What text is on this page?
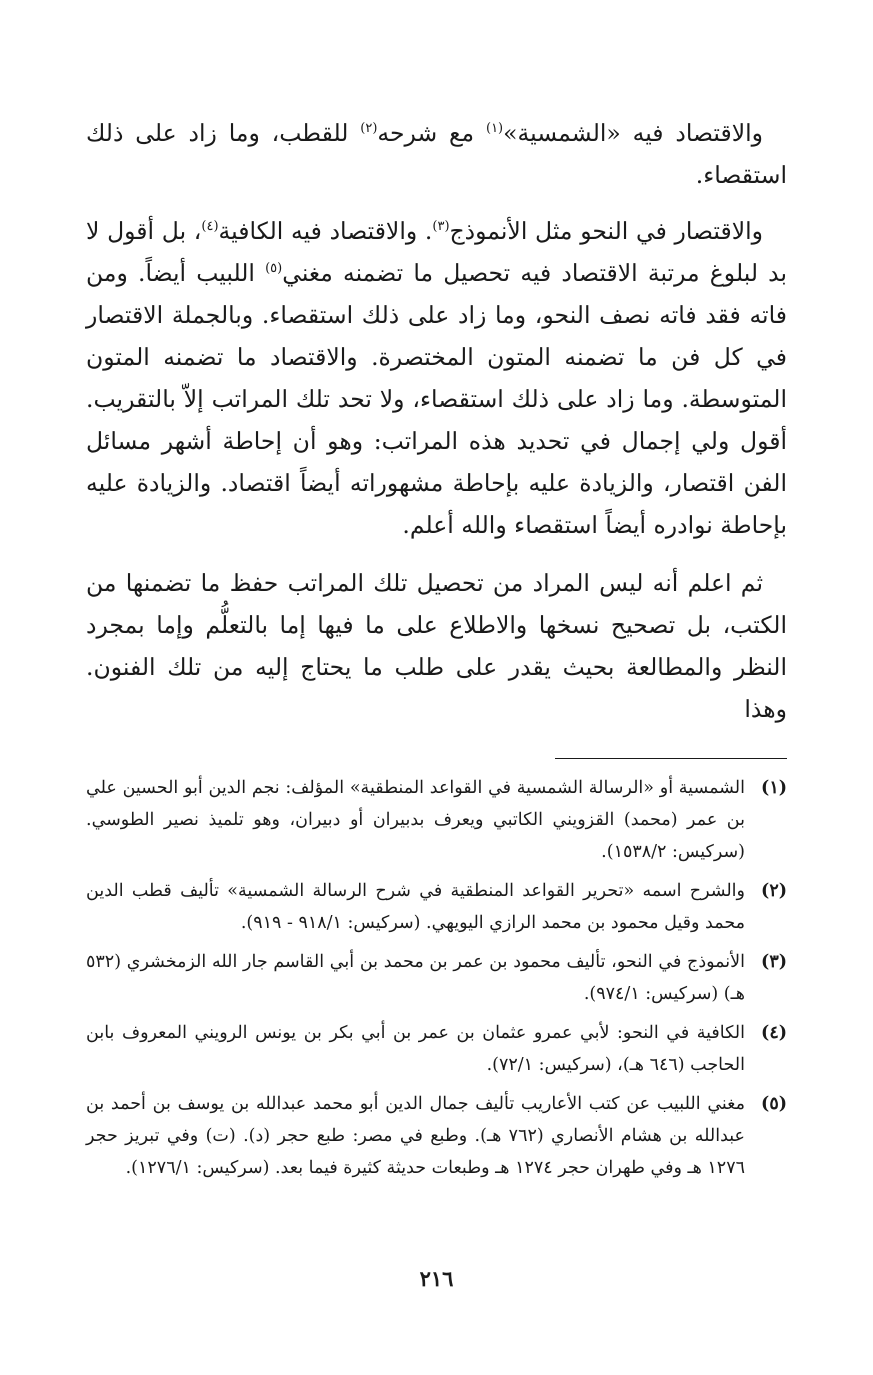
والاقتصاد فيه «الشمسية»$^{(١)}$ مع شرحه$^{(٢)}$ للقطب، وما زاد على ذلك استقصاء.

والاقتصار في النحو مثل الأنموذج$^{(٣)}$. والاقتصاد فيه الكافية$^{(٤)}$، بل أقول لا بد لبلوغ مرتبة الاقتصاد فيه تحصيل ما تضمنه مغني$^{(٥)}$ اللبيب أيضاً. ومن فاته فقد فاته نصف النحو، وما زاد على ذلك استقصاء. وبالجملة الاقتصار في كل فن ما تضمنه المتون المختصرة. والاقتصاد ما تضمنه المتون المتوسطة. وما زاد على ذلك استقصاء، ولا تحد تلك المراتب إلاّ بالتقريب. أقول ولي إجمال في تحديد هذه المراتب: وهو أن إحاطة أشهر مسائل الفن اقتصار، والزيادة عليه بإحاطة مشهوراته أيضاً اقتصاد. والزيادة عليه بإحاطة نوادره أيضاً استقصاء والله أعلم.

ثم اعلم أنه ليس المراد من تحصيل تلك المراتب حفظ ما تضمنها من الكتب، بل تصحيح نسخها والاطلاع على ما فيها إما بالتعلُّم وإما بمجرد النظر والمطالعة بحيث يقدر على طلب ما يحتاج إليه من تلك الفنون. وهذا

(١)
الشمسية أو «الرسالة الشمسية في القواعد المنطقية» المؤلف: نجم الدين أبو الحسين علي بن عمر (محمد) القزويني الكاتبي ويعرف بدبيران أو دبيران، وهو تلميذ نصير الطوسي. (سركيس: ١٥٣٨/٢).
(٢)
والشرح اسمه «تحرير القواعد المنطقية في شرح الرسالة الشمسية» تأليف قطب الدين محمد وقيل محمود بن محمد الرازي اليويهي. (سركيس: ٩١٨/١ - ٩١٩).
(٣)
الأنموذج في النحو، تأليف محمود بن عمر بن محمد بن أبي القاسم جار الله الزمخشري (٥٣٢ هـ) (سركيس: ٩٧٤/١).
(٤)
الكافية في النحو: لأبي عمرو عثمان بن عمر بن أبي بكر بن يونس الرويني المعروف بابن الحاجب (٦٤٦ هـ)، (سركيس: ٧٢/١).
(٥)
مغني اللبيب عن كتب الأعاريب تأليف جمال الدين أبو محمد عبدالله بن يوسف بن أحمد بن عبدالله بن هشام الأنصاري (٧٦٢ هـ). وطبع في مصر: طبع حجر (د). (ت) وفي تبريز حجر ١٢٧٦ هـ وفي طهران حجر ١٢٧٤ هـ وطبعات حديثة كثيرة فيما بعد. (سركيس: ١٢٧٦/١).
٢١٦
